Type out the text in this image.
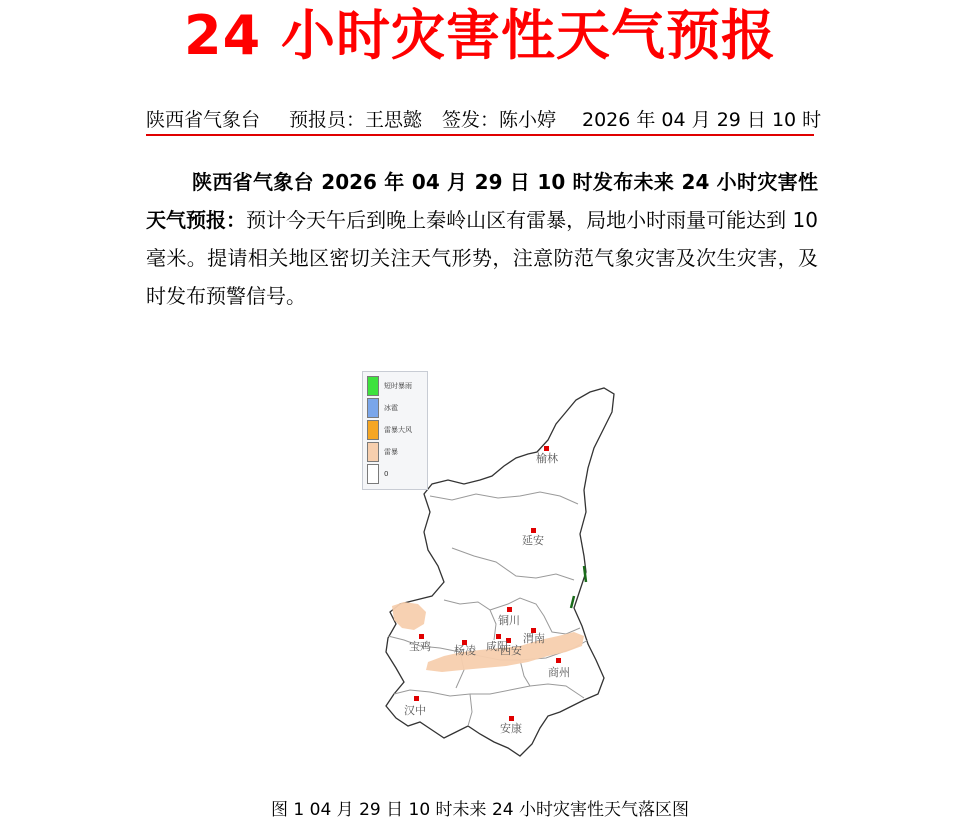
24 小时灾害性天气预报
陕西省气象台 预报员：王思懿 签发：陈小婷 2026 年 04 月 29 日 10 时
陕西省气象台 2026 年 04 月 29 日 10 时发布未来 24 小时灾害性天气预报：预计今天午后到晚上秦岭山区有雷暴，局地小时雨量可能达到 10 毫米。提请相关地区密切关注天气形势，注意防范气象灾害及次生灾害，及时发布预警信号。
榆林
延安
铜川
宝鸡 杨凌 咸阳
西安
渭南
商州
汉中
安康
短时暴雨
冰雹
雷暴大风
雷暴
0
图 1 04 月 29 日 10 时未来 24 小时灾害性天气落区图
